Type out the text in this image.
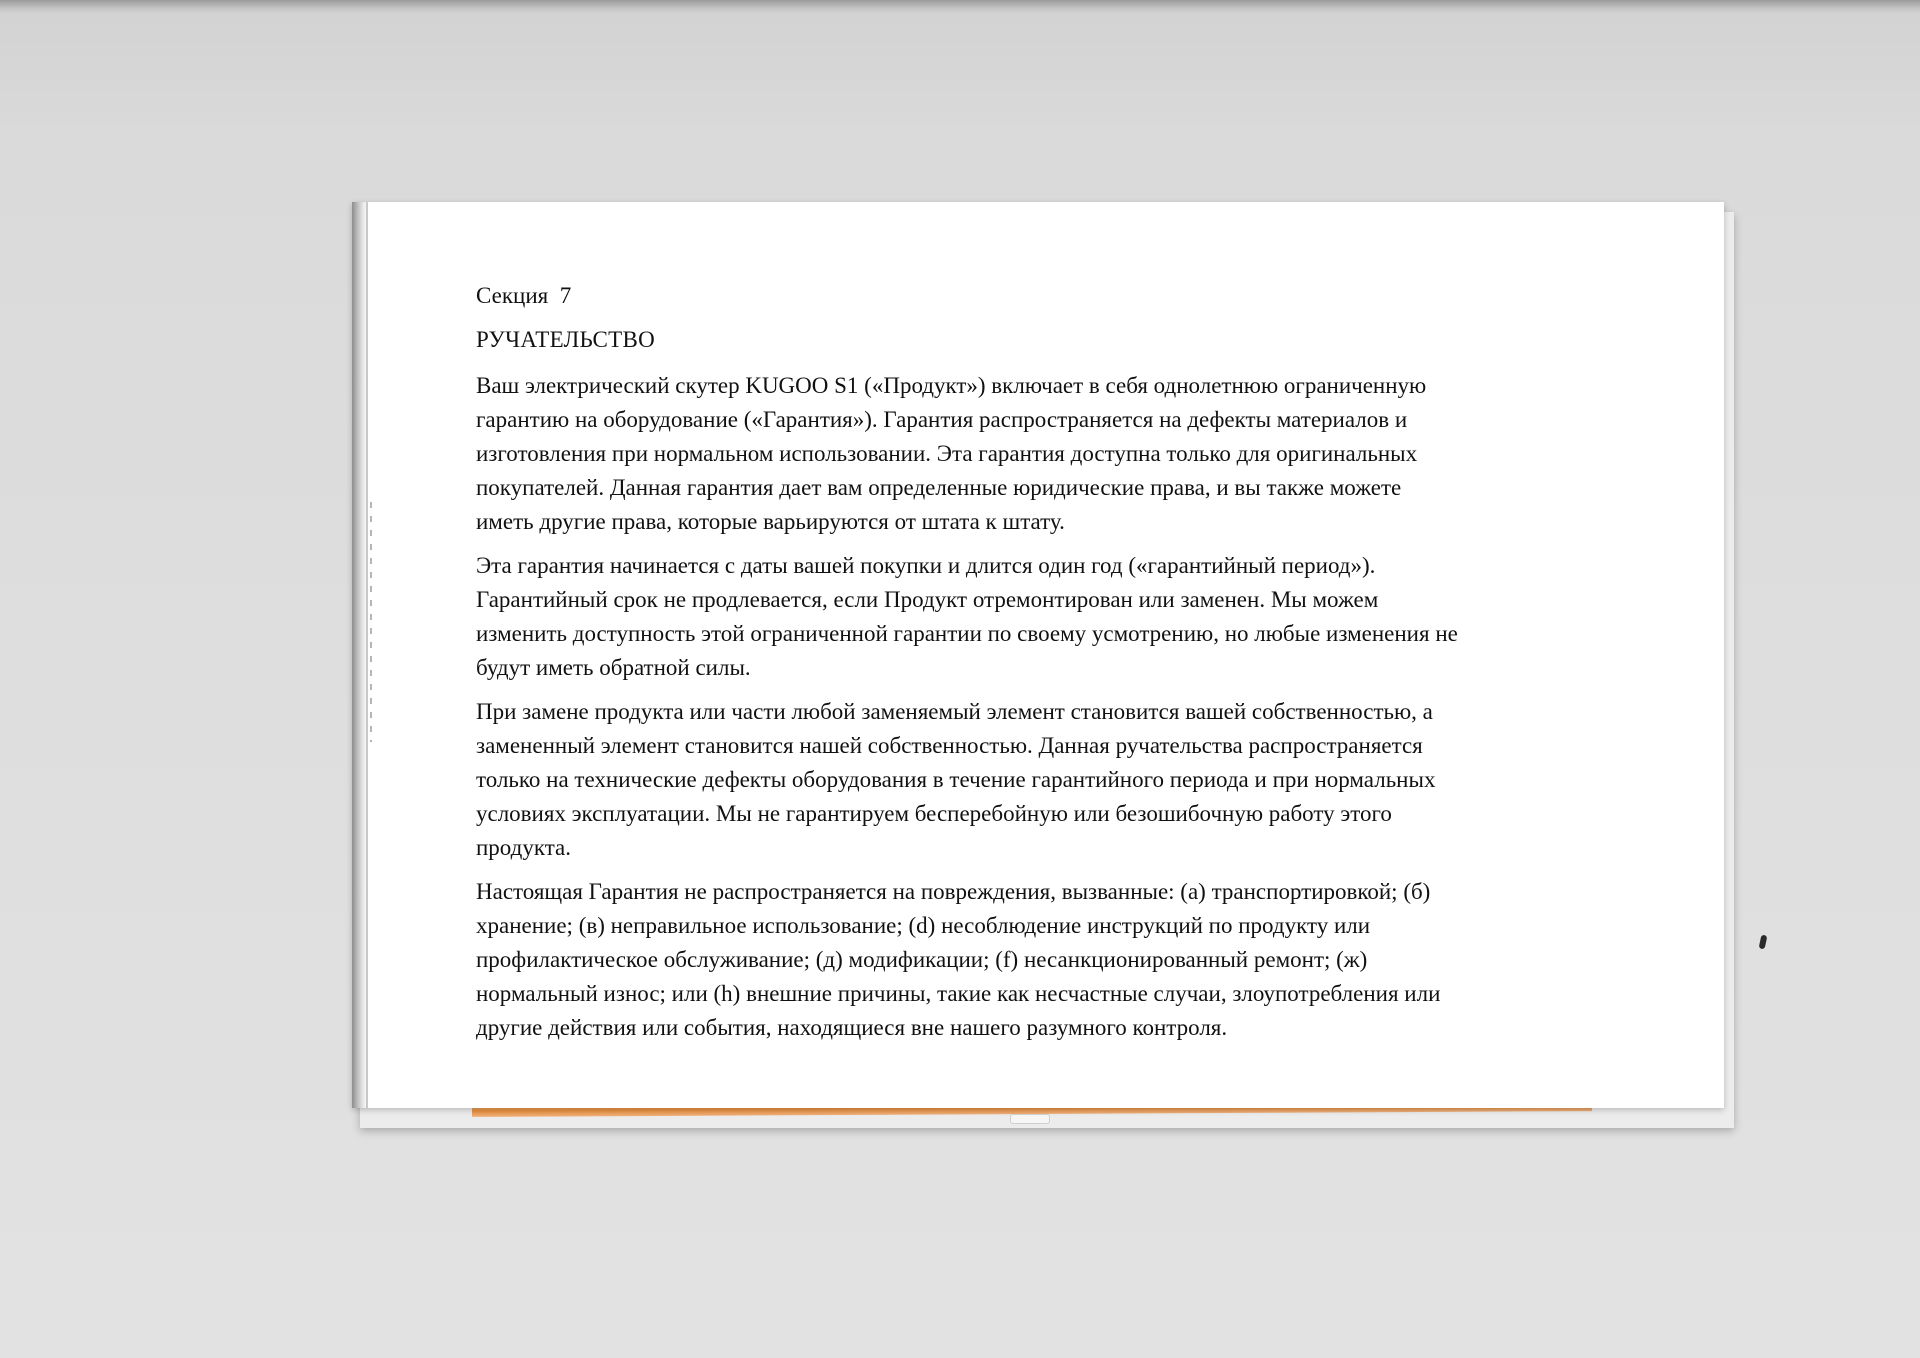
Секция  7
РУЧАТЕЛЬСТВО

Ваш электрический скутер KUGOO S1 («Продукт») включает в себя однолетнюю ограниченную
гарантию на оборудование («Гарантия»). Гарантия распространяется на дефекты материалов и
изготовления при нормальном использовании. Эта гарантия доступна только для оригинальных
покупателей. Данная гарантия дает вам определенные юридические права, и вы также можете
иметь другие права, которые варьируются от штата к штату.

Эта гарантия начинается с даты вашей покупки и длится один год («гарантийный период»).
Гарантийный срок не продлевается, если Продукт отремонтирован или заменен. Мы можем
изменить доступность этой ограниченной гарантии по своему усмотрению, но любые изменения не
будут иметь обратной силы.

При замене продукта или части любой заменяемый элемент становится вашей собственностью, а
замененный элемент становится нашей собственностью. Данная ручательства распространяется
только на технические дефекты оборудования в течение гарантийного периода и при нормальных
условиях эксплуатации. Мы не гарантируем бесперебойную или безошибочную работу этого
продукта.

Настоящая Гарантия не распространяется на повреждения, вызванные: (а) транспортировкой; (б)
хранение; (в) неправильное использование; (d) несоблюдение инструкций по продукту или
профилактическое обслуживание; (д) модификации; (f) несанкционированный ремонт; (ж)
нормальный износ; или (h) внешние причины, такие как несчастные случаи, злоупотребления или
другие действия или события, находящиеся вне нашего разумного контроля.
